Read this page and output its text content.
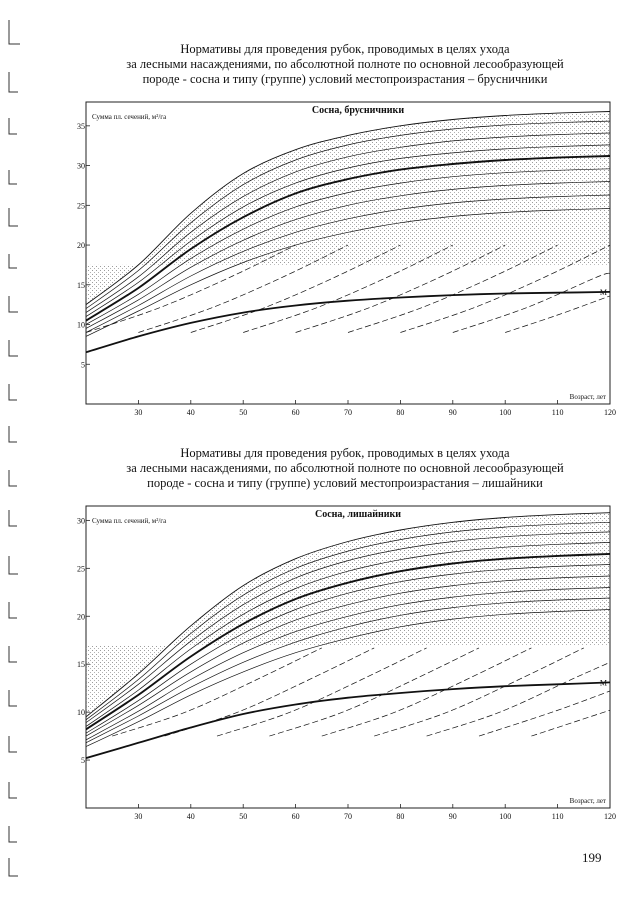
Нормативы для проведения рубок, проводимых в целях ухода
за лесными насаждениями, по абсолютной полноте по основной лесообразующей
породе - сосна и типу (группе) условий местопроизрастания – брусничники
5
10
15
20
25
30
35
30	40	50	60	70	80	90	100	110	120
Сосна, брусничники
Сумма пл. сечений, м²/га
Возраст, лет
M
Нормативы для проведения рубок, проводимых в целях ухода
за лесными насаждениями, по абсолютной полноте по основной лесообразующей
породе - сосна и типу (группе) условий местопроизрастания – лишайники
5
10
15
20
25
30
30	40	50	60	70	80	90	100	110	120
Сосна, лишайники
Сумма пл. сечений, м²/га
Возраст, лет
M
199
